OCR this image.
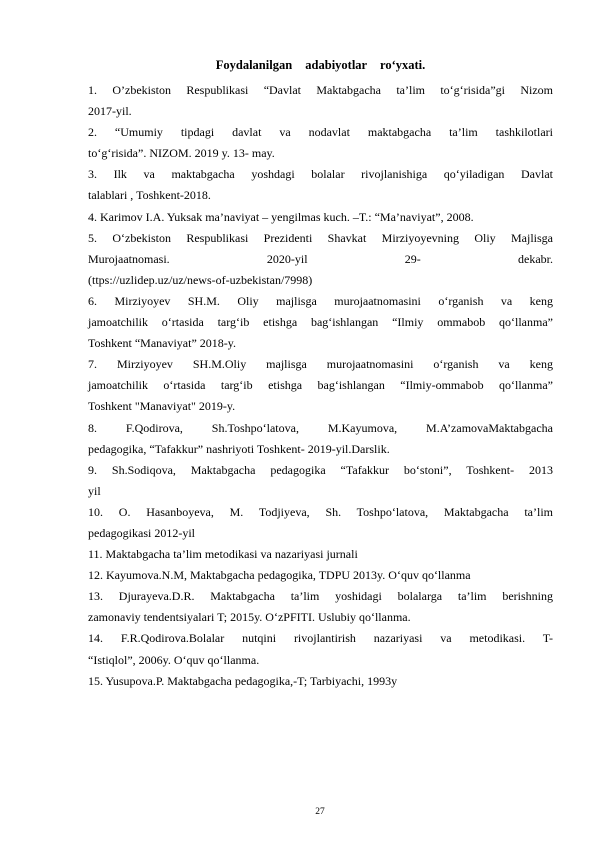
Foydalanilgan adabiyotlar ro‘yxati.

1. O’zbekiston Respublikasi “Davlat Maktabgacha ta’lim to‘g‘risida”gi Nizom
2017-yil.

2. “Umumiy tipdagi davlat va nodavlat maktabgacha ta’lim tashkilotlari
to‘g‘risida”. NIZOM. 2019 y. 13- may.

3. Ilk va maktabgacha yoshdagi bolalar rivojlanishiga qo‘yiladigan Davlat
talablari , Toshkent-2018.

4. Karimov I.A. Yuksak ma’naviyat – yengilmas kuch. –T.: “Ma’naviyat”, 2008.

5. O‘zbekiston Respublikasi Prezidenti Shavkat Mirziyoyevning Oliy Majlisga
Murojaatnomasi. 2020-yil 29- dekabr.
(ttps://uzlidep.uz/uz/news-of-uzbekistan/7998)

6. Mirziyoyev SH.M. Oliy majlisga murojaatnomasini o‘rganish va keng
jamoatchilik o‘rtasida targ‘ib etishga bag‘ishlangan “Ilmiy ommabob qo‘llanma”
Toshkent “Manaviyat” 2018-y.

7. Mirziyoyev SH.M.Oliy majlisga murojaatnomasini o‘rganish va keng
jamoatchilik o‘rtasida targ‘ib etishga bag‘ishlangan “Ilmiy-ommabob qo‘llanma”
Toshkent "Manaviyat" 2019-y.

8. F.Qodirova, Sh.Toshpo‘latova, M.Kayumova, M.A’zamovaMaktabgacha
pedagogika, “Tafakkur” nashriyoti Toshkent- 2019-yil.Darslik.

9. Sh.Sodiqova, Maktabgacha pedagogika “Tafakkur bo‘stoni”, Toshkent- 2013
yil

10. O. Hasanboyeva, M. Todjiyeva, Sh. Toshpo‘latova, Maktabgacha ta’lim
pedagogikasi 2012-yil

11. Maktabgacha ta’lim metodikasi va nazariyasi jurnali

12. Kayumova.N.M, Maktabgacha pedagogika, TDPU 2013y. O‘quv qo‘llanma

13. Djurayeva.D.R. Maktabgacha ta’lim yoshidagi bolalarga ta’lim berishning
zamonaviy tendentsiyalari T; 2015y. O‘zPFITI. Uslubiy qo‘llanma.

14. F.R.Qodirova.Bolalar nutqini rivojlantirish nazariyasi va metodikasi. T-
“Istiqlol”, 2006y. O‘quv qo‘llanma.

15. Yusupova.P. Maktabgacha pedagogika,-T; Tarbiyachi, 1993y

27
